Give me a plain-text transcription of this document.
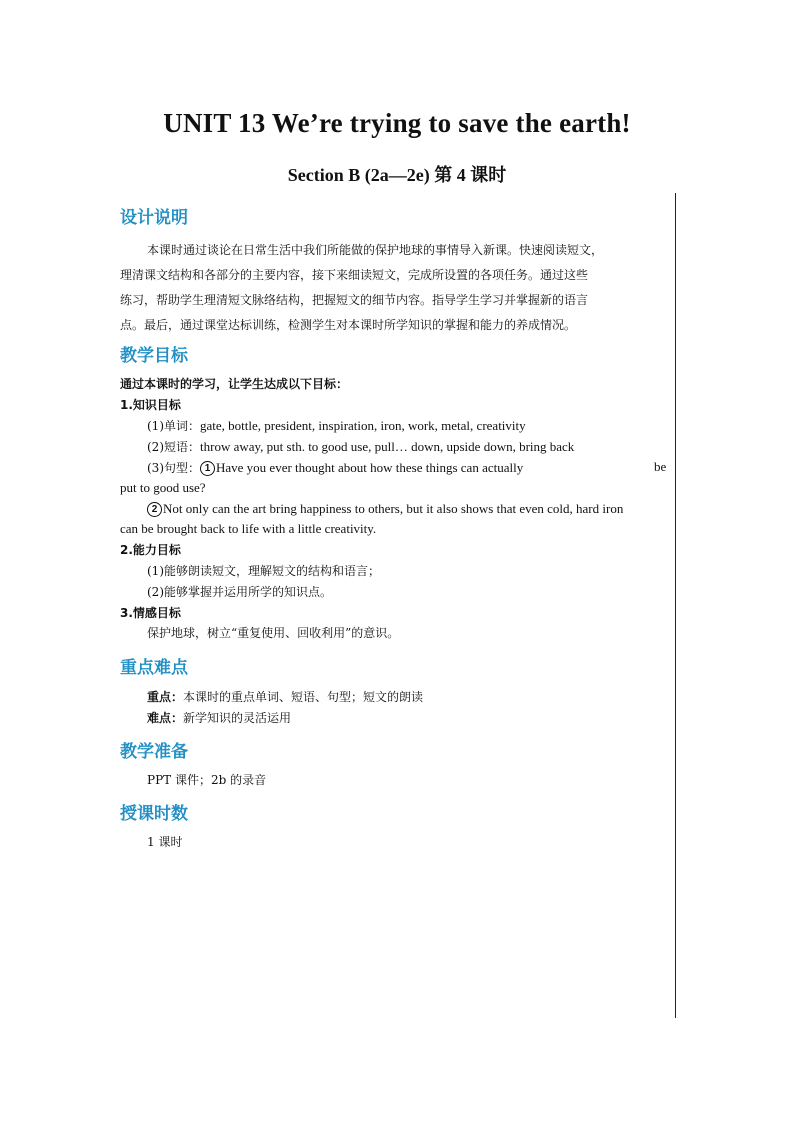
UNIT 13 We’re trying to save the earth!
Section B (2a—2e) 第 4 课时
设计说明
本课时通过谈论在日常生活中我们所能做的保护地球的事情导入新课。快速阅读短文，
理清课文结构和各部分的主要内容，接下来细读短文，完成所设置的各项任务。通过这些
练习，帮助学生理清短文脉络结构，把握短文的细节内容。指导学生学习并掌握新的语言
点。最后，通过课堂达标训练，检测学生对本课时所学知识的掌握和能力的养成情况。
教学目标
通过本课时的学习，让学生达成以下目标：
1.知识目标
(1)单词：gate, bottle, president, inspiration, iron, work, metal, creativity
(2)短语：throw away, put sth. to good use, pull… down, upside down, bring back
(3)句型： 1 Have you ever thought about how these things can actually	be
put to good use?
2 Not only can the art bring happiness to others, but it also shows that even cold, hard iron
can be brought back to life with a little creativity.
2.能力目标
(1)能够朗读短文，理解短文的结构和语言；
(2)能够掌握并运用所学的知识点。
3.情感目标
保护地球，树立“重复使用、回收利用”的意识。
重点难点
重点：本课时的重点单词、短语、句型；短文的朗读
难点：新学知识的灵活运用
教学准备
PPT 课件；2b 的录音
授课时数
1 课时
